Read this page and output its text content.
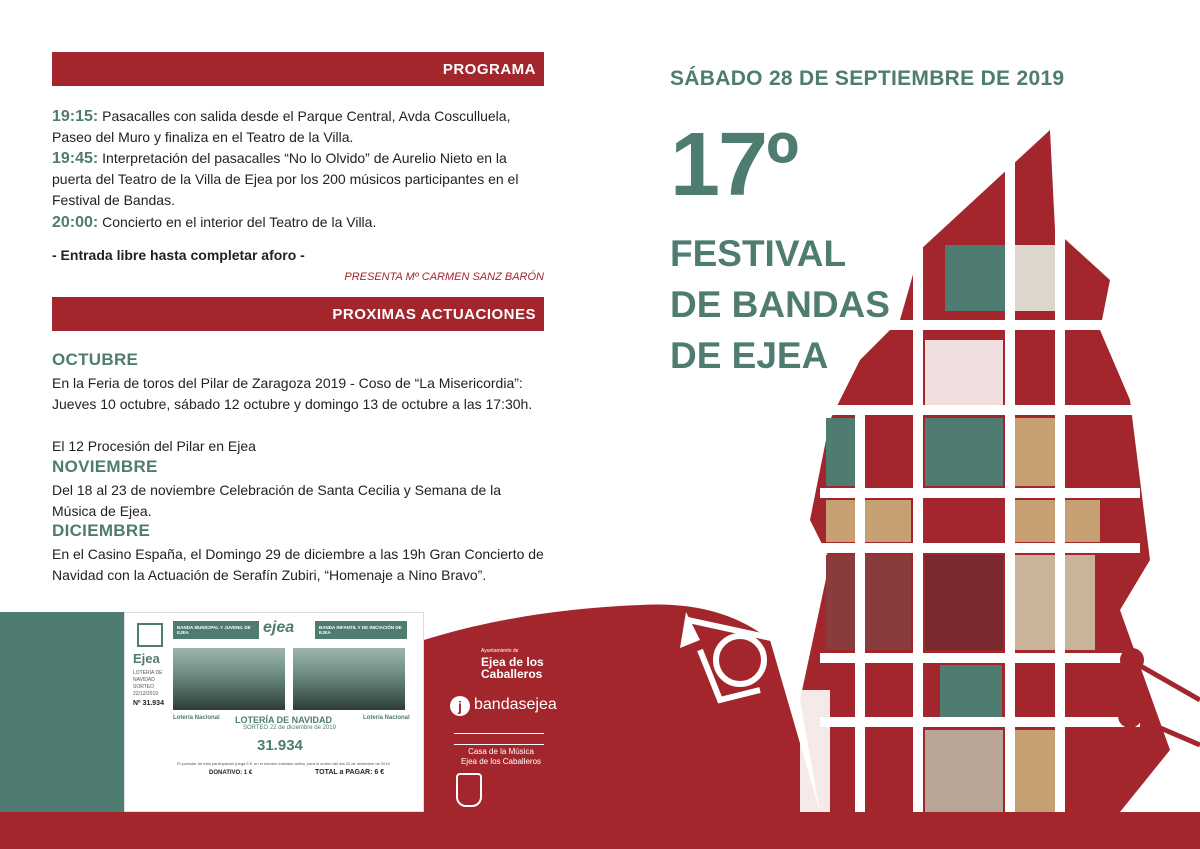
PROGRAMA
19:15: Pasacalles con salida desde el Parque Central, Avda Cosculluela, Paseo del Muro y finaliza en el Teatro de la Villa.
19:45: Interpretación del pasacalles “No lo Olvido” de Aurelio Nieto en la puerta del Teatro de la Villa de Ejea por los 200 músicos participantes en el Festival de Bandas.
20:00: Concierto en el interior del Teatro de la Villa.
- Entrada libre hasta completar aforo -
PRESENTA Mº CARMEN SANZ BARÓN
PROXIMAS ACTUACIONES
OCTUBRE
En la Feria de toros del Pilar de Zaragoza 2019 - Coso de “La Misericordia”: Jueves 10 octubre, sábado 12 octubre y domingo 13 de octubre a las 17:30h.
El 12 Procesión del Pilar en Ejea
NOVIEMBRE
Del 18 al 23 de noviembre Celebración de Santa Cecilia y Semana de la Música de Ejea.
DICIEMBRE
En el Casino España, el Domingo 29 de diciembre a las 19h Gran Concierto de Navidad con la Actuación de Serafín Zubiri, “Homenaje a Nino Bravo”.
Ejea
LOTERÍA DE NAVIDAD SORTEO 22/12/2019
Nº 31.934
BANDA MUNICIPAL Y JUVENIL DE EJEA	ejea	BANDA INFANTIL Y DE INICIACIÓN DE EJEA
Lotería Nacional LOTERÍA DE NAVIDAD
SORTEO 22 de diciembre de 2019
Lotería Nacional
31.934
El portador de esta participación juega 5 €, en el número indicado arriba, para el sorteo del día 22 de diciembre de 2019
DONATIVO: 1 €	TOTAL a PAGAR: 6 €
Ayuntamiento de
Ejea de los
Caballeros
j bandasejea
Casa de la Música
Ejea de los Caballeros
SÁBADO 28 DE SEPTIEMBRE DE 2019
17º
FESTIVAL
DE BANDAS
DE EJEA
